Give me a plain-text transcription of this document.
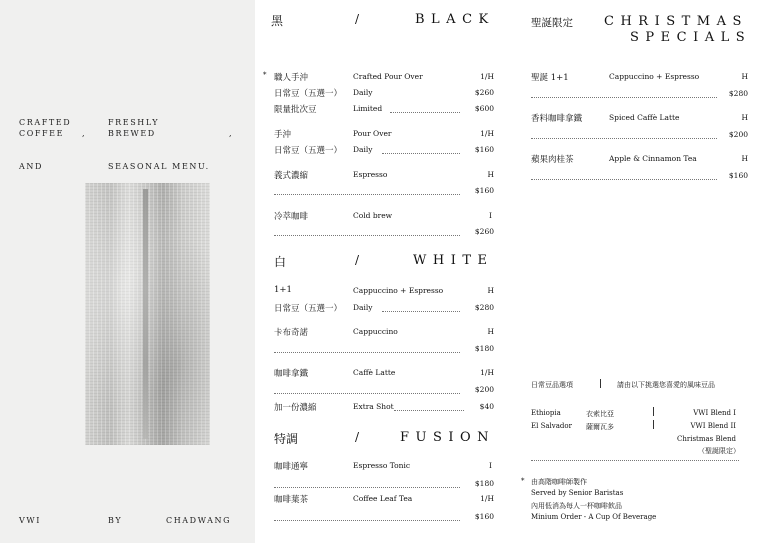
CRAFTED
COFFEE ,
FRESHLY
BREWED	,
AND	SEASONAL MENU.
VWI	BY	CHADWANG
黑	/	BLACK
* 職人手沖	Crafted Pour Over	1/H
日常豆（五選一） Daily	$260
限量批次豆	Limited	$600
手沖	Pour Over	1/H
日常豆（五選一） Daily	$160
義式濃縮	Espresso	H
$160
冷萃咖啡	Cold brew	I
$260
白	/	WHITE
1+1	Cappuccino + Espresso	H
日常豆（五選一） Daily	$280
卡布奇諾	Cappuccino	H
$180
咖啡拿鐵	Caffè Latte	1/H
$200
加一份濃縮	Extra Shot	$40
特調	/	FUSION
咖啡通寧	Espresso Tonic	I
$180
咖啡葉茶	Coffee Leaf Tea	1/H
$160
聖誕限定 CHRISTMAS
SPECIALS
聖誕 1+1	Cappuccino + Espresso	H
$280
香料咖啡拿鐵	Spiced Caffè Latte	H
$200
蘋果肉桂茶	Apple & Cinnamon Tea	H
$160
日常豆品選項	請由以下挑選您喜愛的風味豆品
Ethiopia	衣索比亞	VWI Blend I
El Salvador 薩爾瓦多	VWI Blend II
Christmas Blend
（聖誕限定）
* 由高階咖啡師製作
Served by Senior Baristas
內用低消為每人一杯咖啡飲品
Minium Order - A Cup Of Beverage
